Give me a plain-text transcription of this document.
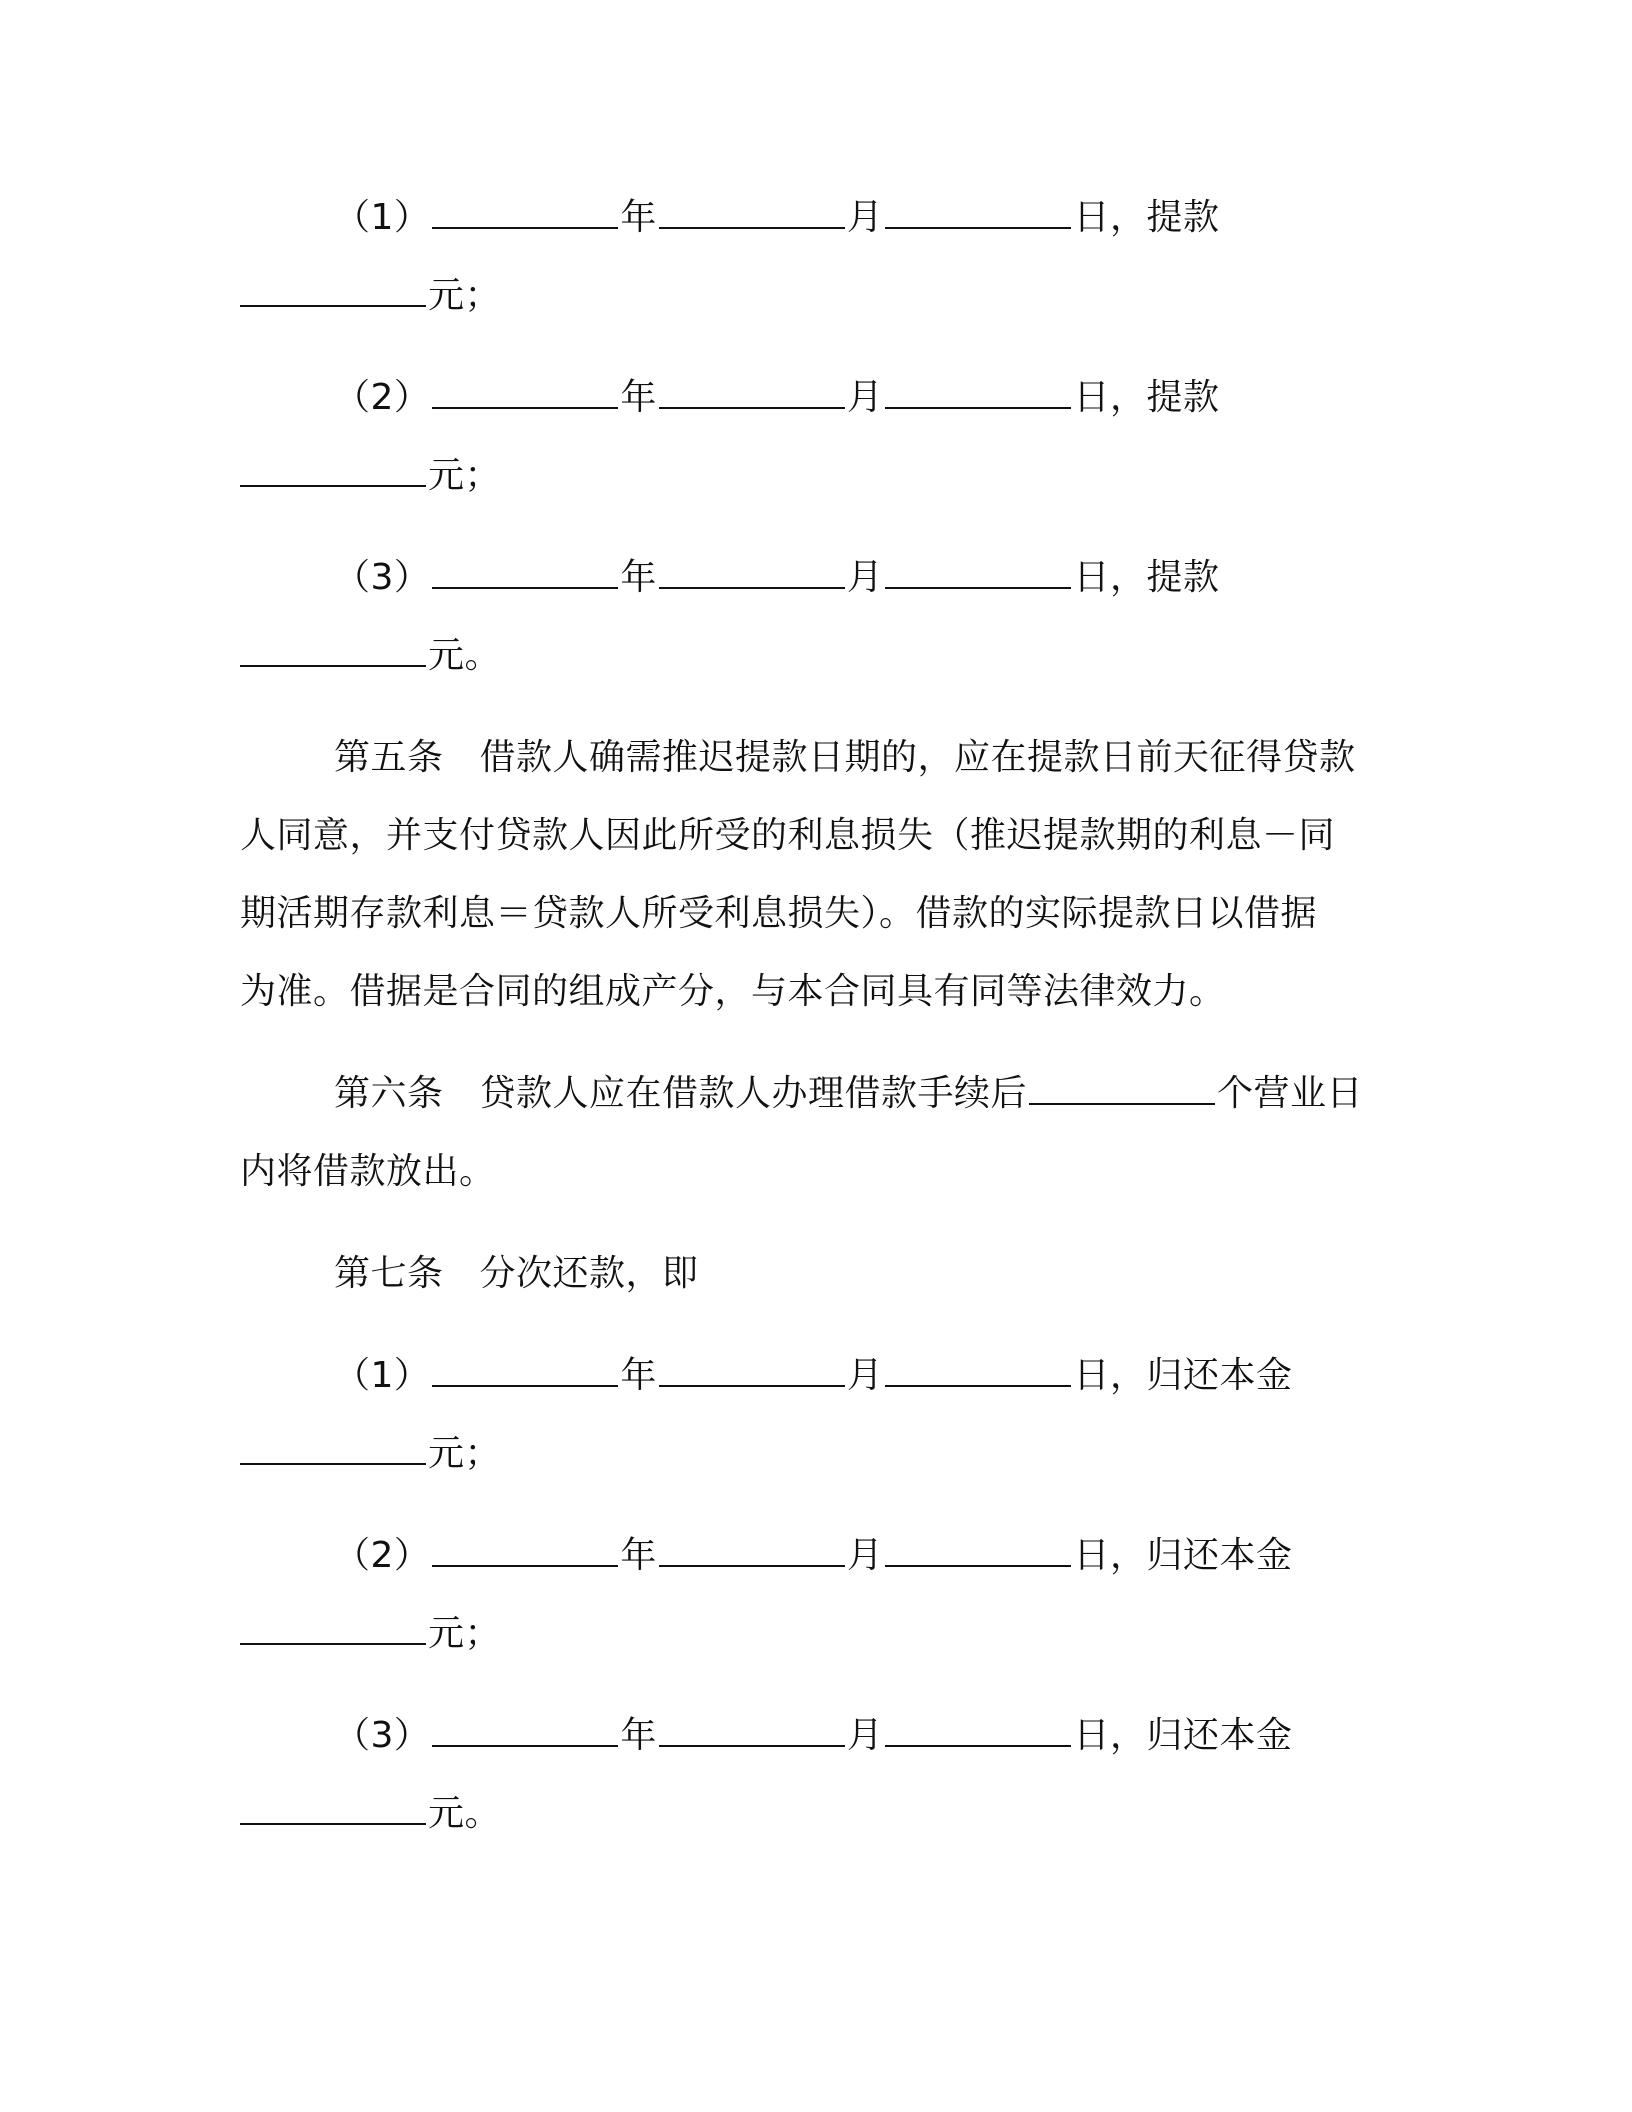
（1）	年	月	日，提款
元；
（2）	年	月	日，提款
元；
（3）	年	月	日，提款
元。
第五条 借款人确需推迟提款日期的，应在提款日前天征得贷款
人同意，并支付贷款人因此所受的利息损失（推迟提款期的利息－同
期活期存款利息＝贷款人所受利息损失）。借款的实际提款日以借据
为准。借据是合同的组成产分，与本合同具有同等法律效力。
第六条 贷款人应在借款人办理借款手续后	个营业日
内将借款放出。
第七条 分次还款，即
（1）	年	月	日，归还本金
元；
（2）	年	月	日，归还本金
元；
（3）	年	月	日，归还本金
元。
